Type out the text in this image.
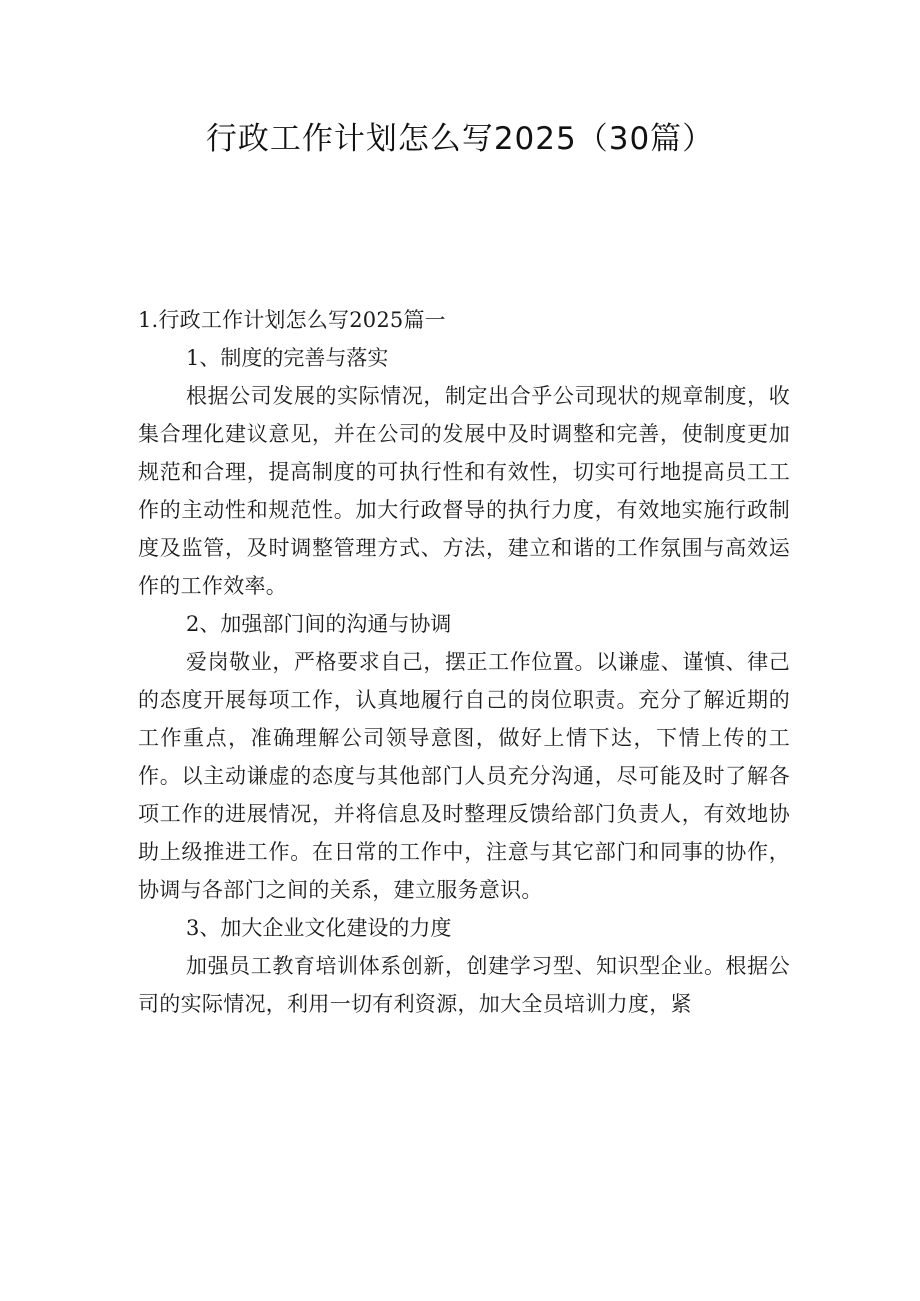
行政工作计划怎么写2025（30篇）
1.行政工作计划怎么写2025篇一
1、制度的完善与落实

根据公司发展的实际情况，制定出合乎公司现状的规章制度，收集合理化建议意见，并在公司的发展中及时调整和完善，使制度更加规范和合理，提高制度的可执行性和有效性，切实可行地提高员工工作的主动性和规范性。加大行政督导的执行力度，有效地实施行政制度及监管，及时调整管理方式、方法，建立和谐的工作氛围与高效运作的工作效率。

2、加强部门间的沟通与协调

爱岗敬业，严格要求自己，摆正工作位置。以谦虚、谨慎、律己的态度开展每项工作，认真地履行自己的岗位职责。充分了解近期的工作重点，准确理解公司领导意图，做好上情下达，下情上传的工作。以主动谦虚的态度与其他部门人员充分沟通，尽可能及时了解各项工作的进展情况，并将信息及时整理反馈给部门负责人，有效地协助上级推进工作。在日常的工作中，注意与其它部门和同事的协作，协调与各部门之间的关系，建立服务意识。

3、加大企业文化建设的力度

加强员工教育培训体系创新，创建学习型、知识型企业。根据公司的实际情况，利用一切有利资源，加大全员培训力度，紧
